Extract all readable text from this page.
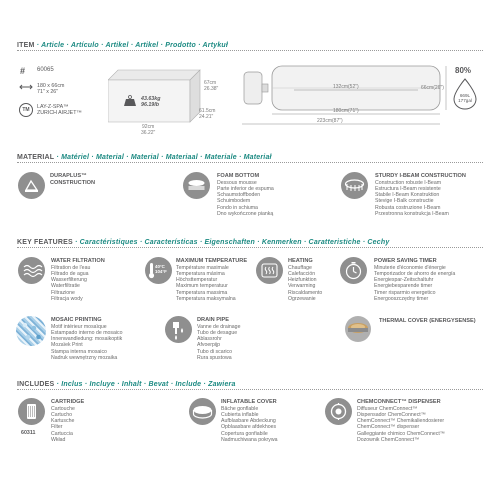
ITEM · Article · Artículo · Artikel · Artikel · Prodotto · Artykuł
# 60065
180 x 66cm
71" x 26"
TM	LAY-Z-SPA™
ZURICH AIRJET™
43.63kg
96.19lb
67cm
26.38"
61.5cm
24.21"
92cm
36.22"
132cm(52")
180cm(71")
223cm(87")
66cm(26")
80%
669L
177gal
MATERIAL · Matériel · Material · Material · Materiaal · Materiale · Materiał
DURAPLUS™
CONSTRUCTION
FOAM BOTTOM
Dessous mousse
Parte inferior de espuma
Schaumstoffboden
Schuimbodem
Fondo in schiuma
Dno wykończone pianką
STURDY I-BEAM CONSTRUCTION
Construction robuste I-Beam
Estructura I-Beam resistente
Stabile I-Beam Konstruktion
Stevige I-Balk constructie
Robusta costruzione I-Beam
Przestronna konstrukcja I-Beam
KEY FEATURES · Caractéristiques · Características · Eigenschaften · Kenmerken · Caratteristiche · Cechy
WATER FILTRATION
Filtration de l'eau
Filtrado de agua
Wasserfilterung
Waterfiltratie
Filtrazione
Filtracja wody
40°C
104°F
MAXIMUM TEMPERATURE
Température maximale
Temperatura máxima
Höchsttemperatur
Maximum temperatuur
Temperatura massima
Temperatura maksymalna
HEATING
Chauffage
Calefacción
Heizfunktion
Verwarming
Riscaldamento
Ogrzewanie
POWER SAVING TIMER
Minuterie d'économie d'énergie
Temporizador de ahorro de energía
Energiespar-Zeitschaltuhr
Energiebesparende timer
Timer risparmio energetico
Energooszczędny timer
MOSAIC PRINTING
Motif intérieur mosaïque
Estampado interno de mosaico
Innenwandledung: mosaikoptik
Mozaïek Print
Stampa interna mosaico
Nadruk wewnętrzny mozaika
DRAIN PIPE
Vanne de drainage
Tubo de desague
Ablassrohr
Afvoerpijp
Tubo di scarico
Rura spustowa
THERMAL COVER (ENERGYSENSE)
INCLUDES · Inclus · Incluye · Inhalt · Bevat · Include · Zawiera
60311
CARTRIDGE
Cartouche
Cartucho
Kartusche
Filter
Cartuccia
Wkład
INFLATABLE COVER
Bâche gonflable
Cubierta inflable
Aufblasbare Abdeckung
Opblaasbare afdekhoes
Copertura gonfiabile
Nadmuchiwana pokrywa
CHEMCONNECT™ DISPENSER
Diffuseur ChemConnect™
Dispensador ChemConnect™
ChemConnect™ Chemikaliendosierer
ChemConnect™ dispenser
Galleggiante chimico ChemConnect™
Dozownik ChemConnect™
